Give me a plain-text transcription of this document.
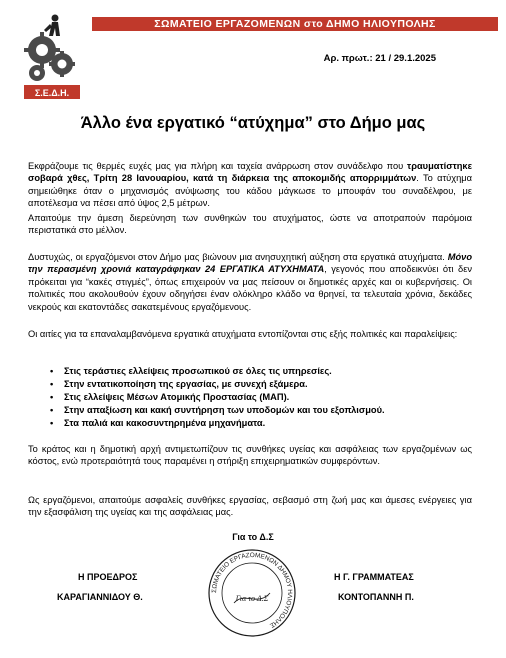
Σ.Ε.Δ.Η.
ΣΩΜΑΤΕΙΟ ΕΡΓΑΖΟΜΕΝΩΝ στο ΔΗΜΟ ΗΛΙΟΥΠΟΛΗΣ
Αρ. πρωτ.: 21 / 29.1.2025
Άλλο ένα εργατικό “ατύχημα” στο Δήμο μας
Εκφράζουμε τις θερμές ευχές μας για πλήρη και ταχεία ανάρρωση στον συνάδελφο που τραυματίστηκε σοβαρά χθες, Τρίτη 28 Ιανουαρίου, κατά τη διάρκεια της αποκομιδής απορριμμάτων. Το ατύχημα σημειώθηκε όταν ο μηχανισμός ανύψωσης του κάδου μάγκωσε το μπουφάν του συναδέλφου, με αποτέλεσμα να πέσει από ύψος 2,5 μέτρων.
Απαιτούμε την άμεση διερεύνηση των συνθηκών του ατυχήματος, ώστε να αποτραπούν παρόμοια περιστατικά στο μέλλον.
Δυστυχώς, οι εργαζόμενοι στον Δήμο μας βιώνουν μια ανησυχητική αύξηση στα εργατικά ατυχήματα. Μόνο την περασμένη χρονιά καταγράφηκαν 24 ΕΡΓΑΤΙΚΑ ΑΤΥΧΗΜΑΤΑ, γεγονός που αποδεικνύει ότι δεν πρόκειται για “κακές στιγμές”, όπως επιχειρούν να μας πείσουν οι δημοτικές αρχές και οι κυβερνήσεις. Οι πολιτικές που ακολουθούν έχουν οδηγήσει έναν ολόκληρο κλάδο να θρηνεί, τα τελευταία χρόνια, δεκάδες νεκρούς και εκατοντάδες σακατεμένους εργαζόμενους.
Οι αιτίες για τα επαναλαμβανόμενα εργατικά ατυχήματα εντοπίζονται στις εξής πολιτικές και παραλείψεις:
• Στις τεράστιες ελλείψεις προσωπικού σε όλες τις υπηρεσίες.
• Στην εντατικοποίηση της εργασίας, με συνεχή εξάμερα.
• Στις ελλείψεις Μέσων Ατομικής Προστασίας (ΜΑΠ).
• Στην απαξίωση και κακή συντήρηση των υποδομών και του εξοπλισμού.
• Στα παλιά και κακοσυντηρημένα μηχανήματα.
Το κράτος και η δημοτική αρχή αντιμετωπίζουν τις συνθήκες υγείας και ασφάλειας των εργαζομένων ως κόστος, ενώ προτεραιότητά τους παραμένει η στήριξη επιχειρηματικών συμφερόντων.
Ως εργαζόμενοι, απαιτούμε ασφαλείς συνθήκες εργασίας, σεβασμό στη ζωή μας και άμεσες ενέργειες για την εξασφάλιση της υγείας και της ασφάλειας μας.
Για το Δ.Σ
ΣΩΜΑΤΕΙΟ ΕΡΓΑΖΟΜΕΝΩΝ ΔΗΜΟΥ ΗΛΙΟΥΠΟΛΗΣ
Για το Δ.Σ
Η ΠΡΟΕΔΡΟΣ
ΚΑΡΑΓΙΑΝΝΙΔΟΥ Θ.
Η Γ. ΓΡΑΜΜΑΤΕΑΣ
ΚΟΝΤΟΠΑΝΝΗ Π.
